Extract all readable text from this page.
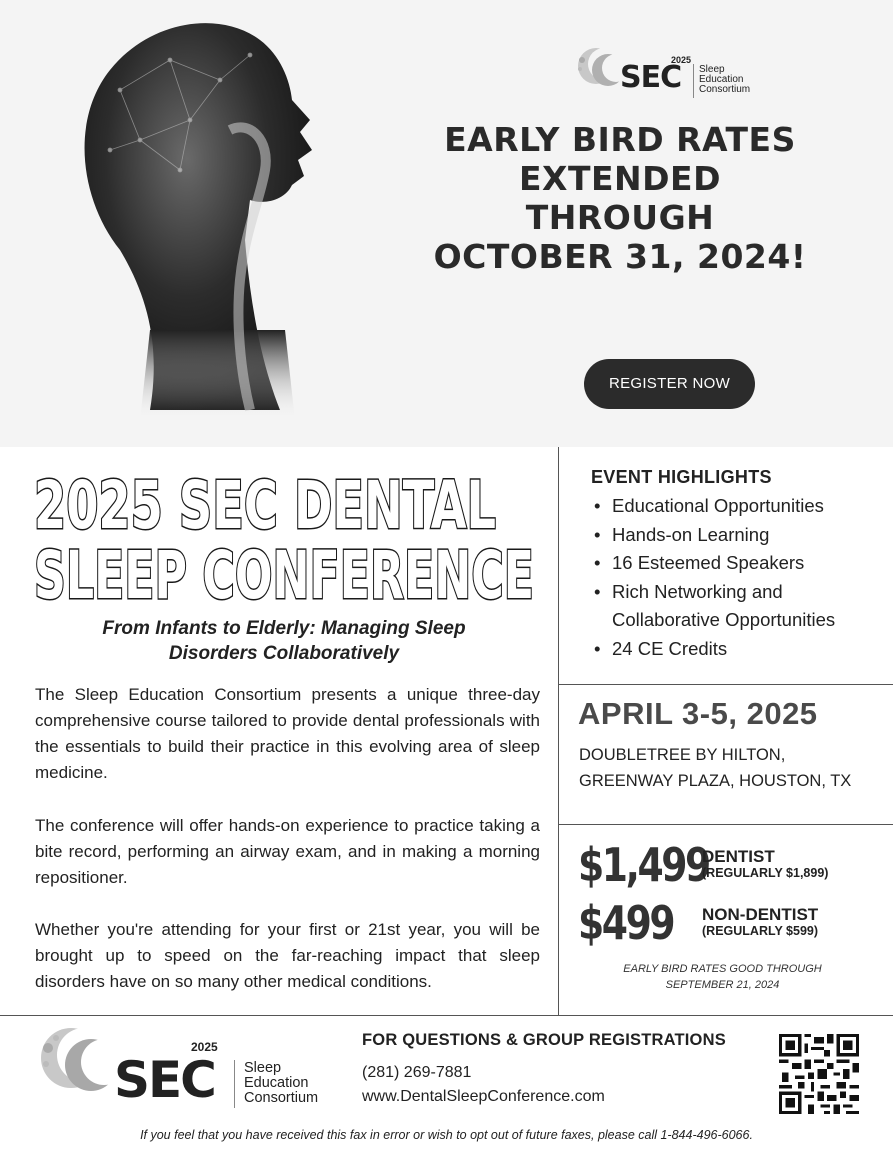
2025
SEC Sleep
Education
Consortium
EARLY BIRD RATES
EXTENDED
THROUGH
OCTOBER 31, 2024!
REGISTER NOW
2025 SEC DENTAL
SLEEP CONFERENCE
From Infants to Elderly: Managing Sleep
Disorders Collaboratively

The Sleep Education Consortium presents a unique three-day comprehensive course tailored to provide dental professionals with the essentials to build their practice in this evolving area of sleep medicine.

The conference will offer hands-on experience to practice taking a bite record, performing an airway exam, and in making a morning repositioner.

Whether you're attending for your first or 21st year, you will be brought up to speed on the far-reaching impact that sleep disorders have on so many other medical conditions.

EVENT HIGHLIGHTS
• Educational Opportunities
• Hands-on Learning
• 16 Esteemed Speakers
• Rich Networking and Collaborative Opportunities
• 24 CE Credits
APRIL 3-5, 2025
DOUBLETREE BY HILTON,
GREENWAY PLAZA, HOUSTON, TX
$1,499
DENTIST
(REGULARLY $1,899)
$499 NON-DENTIST
(REGULARLY $599)
EARLY BIRD RATES GOOD THROUGH
SEPTEMBER 21, 2024
2025
SEC Sleep
Education
Consortium
FOR QUESTIONS & GROUP REGISTRATIONS
(281) 269-7881
www.DentalSleepConference.com
If you feel that you have received this fax in error or wish to opt out of future faxes, please call 1-844-496-6066.
